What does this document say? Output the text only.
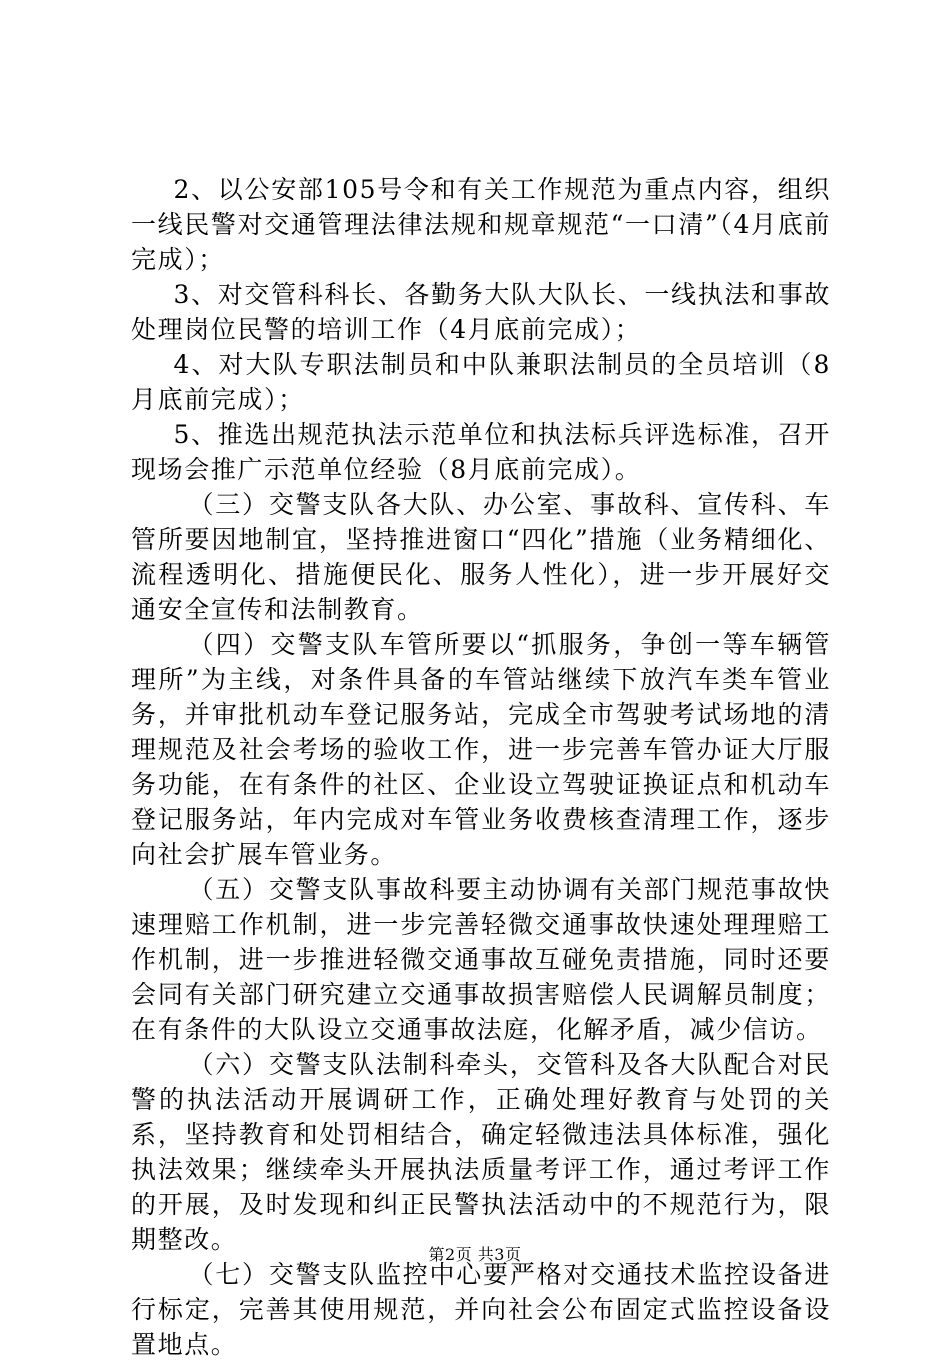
2、以公安部105号令和有关工作规范为重点内容，组织一线民警对交通管理法律法规和规章规范“一口清”（4月底前完成）；

3、对交管科科长、各勤务大队大队长、一线执法和事故处理岗位民警的培训工作（4月底前完成）；

4、对大队专职法制员和中队兼职法制员的全员培训（8月底前完成）；

5、推选出规范执法示范单位和执法标兵评选标准，召开现场会推广示范单位经验（8月底前完成）。

（三）交警支队各大队、办公室、事故科、宣传科、车管所要因地制宜，坚持推进窗口“四化”措施（业务精细化、流程透明化、措施便民化、服务人性化），进一步开展好交通安全宣传和法制教育。

（四）交警支队车管所要以“抓服务，争创一等车辆管理所”为主线，对条件具备的车管站继续下放汽车类车管业务，并审批机动车登记服务站，完成全市驾驶考试场地的清理规范及社会考场的验收工作，进一步完善车管办证大厅服务功能，在有条件的社区、企业设立驾驶证换证点和机动车登记服务站，年内完成对车管业务收费核查清理工作，逐步向社会扩展车管业务。

（五）交警支队事故科要主动协调有关部门规范事故快速理赔工作机制，进一步完善轻微交通事故快速处理理赔工作机制，进一步推进轻微交通事故互碰免责措施，同时还要会同有关部门研究建立交通事故损害赔偿人民调解员制度；在有条件的大队设立交通事故法庭，化解矛盾，减少信访。

（六）交警支队法制科牵头，交管科及各大队配合对民警的执法活动开展调研工作，正确处理好教育与处罚的关系，坚持教育和处罚相结合，确定轻微违法具体标准，强化执法效果；继续牵头开展执法质量考评工作，通过考评工作的开展，及时发现和纠正民警执法活动中的不规范行为，限期整改。

（七）交警支队监控中心要严格对交通技术监控设备进行标定，完善其使用规范，并向社会公布固定式监控设备设置地点。

第2页 共3页
